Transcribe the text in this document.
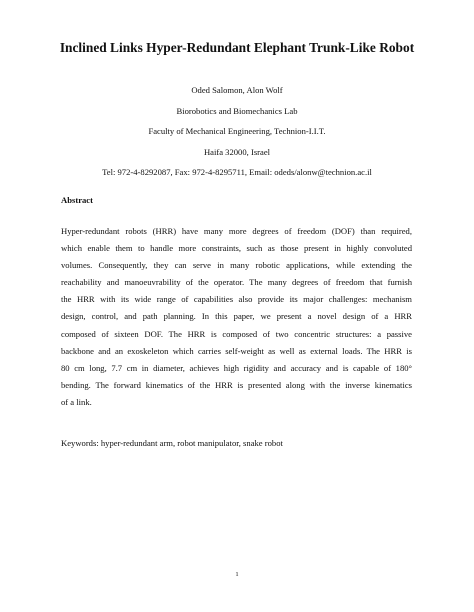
Inclined Links Hyper-Redundant Elephant Trunk-Like Robot
Oded Salomon, Alon Wolf
Biorobotics and Biomechanics Lab
Faculty of Mechanical Engineering, Technion-I.I.T.
Haifa 32000, Israel
Tel: 972-4-8292087, Fax: 972-4-8295711, Email: odeds/alonw@technion.ac.il
Abstract
Hyper-redundant robots (HRR) have many more degrees of freedom (DOF) than required,
which enable them to handle more constraints, such as those present in highly convoluted
volumes. Consequently, they can serve in many robotic applications, while extending the
reachability and manoeuvrability of the operator. The many degrees of freedom that furnish
the HRR with its wide range of capabilities also provide its major challenges: mechanism
design, control, and path planning. In this paper, we present a novel design of a HRR
composed of sixteen DOF. The HRR is composed of two concentric structures: a passive
backbone and an exoskeleton which carries self-weight as well as external loads. The HRR is
80 cm long, 7.7 cm in diameter, achieves high rigidity and accuracy and is capable of 180°
bending. The forward kinematics of the HRR is presented along with the inverse kinematics
of a link.
Keywords: hyper-redundant arm, robot manipulator, snake robot
1
